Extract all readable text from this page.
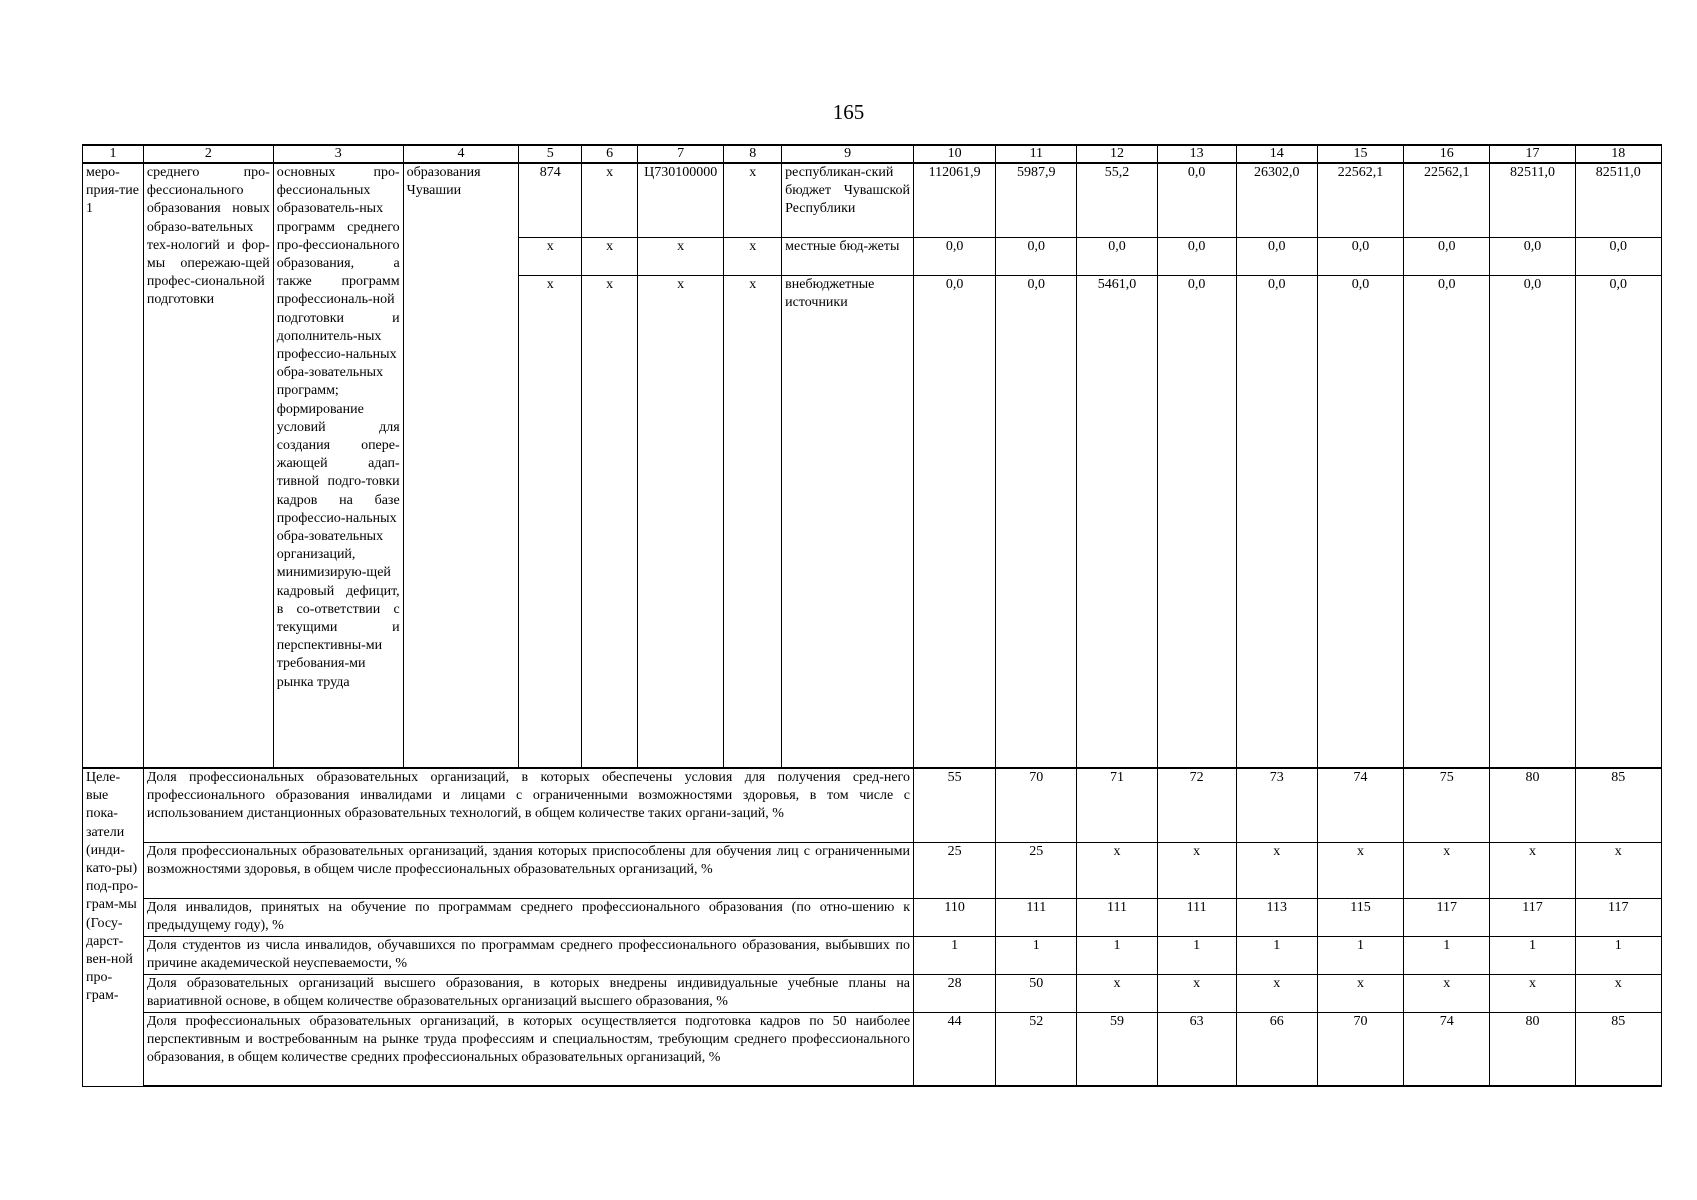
165
1	2	3	4	5	6	7	8	9	10	11	12	13	14	15	16	17	18
меро-прия-тие 1	среднего про-фессионального образования новых образо-вательных тех-нологий и фор-мы опережаю-щей профес-сиональной подготовки	основных про-фессиональных образователь-ных программ среднего про-фессионального образования, а также программ профессиональ-ной подготовки и дополнитель-ных профессио-нальных обра-зовательных программ; формирование условий для создания опере-жающей адап-тивной подго-товки кадров на базе профессио-нальных обра-зовательных организаций, минимизирую-щей кадровый дефицит, в со-ответствии с текущими и перспективны-ми требования-ми рынка труда	образования Чувашии	874	х	Ц730100000	х	республикан-ский бюджет Чувашской Республики	112061,9	5987,9	55,2	0,0	26302,0	22562,1	22562,1	82511,0	82511,0
				х	х	х	х	местные бюд-жеты	0,0	0,0	0,0	0,0	0,0	0,0	0,0	0,0	0,0
				х	х	х	х	внебюджетные источники	0,0	0,0	5461,0	0,0	0,0	0,0	0,0	0,0	0,0
Целе-вые пока-затели (инди-като-ры) под-про-грам-мы (Госу-дарст-вен-ной про-грам-	Доля профессиональных образовательных организаций, в которых обеспечены условия для получения сред-него профессионального образования инвалидами и лицами с ограниченными возможностями здоровья, в том числе с использованием дистанционных образовательных технологий, в общем количестве таких органи-заций, %								55	70	71	72	73	74	75	80	85
	Доля профессиональных образовательных организаций, здания которых приспособлены для обучения лиц с ограниченными возможностями здоровья, в общем числе профессиональных образовательных организаций, %								25	25	х	х	х	х	х	х	х
	Доля инвалидов, принятых на обучение по программам среднего профессионального образования (по отно-шению к предыдущему году), %								110	111	111	111	113	115	117	117	117
	Доля студентов из числа инвалидов, обучавшихся по программам среднего профессионального образования, выбывших по причине академической неуспеваемости, %								1	1	1	1	1	1	1	1	1
	Доля образовательных организаций высшего образования, в которых внедрены индивидуальные учебные планы на вариативной основе, в общем количестве образовательных организаций высшего образования, %								28	50	х	х	х	х	х	х	х
	Доля профессиональных образовательных организаций, в которых осуществляется подготовка кадров по 50 наиболее перспективным и востребованным на рынке труда профессиям и специальностям, требующим среднего профессионального образования, в общем количестве средних профессиональных образовательных организаций, %								44	52	59	63	66	70	74	80	85
